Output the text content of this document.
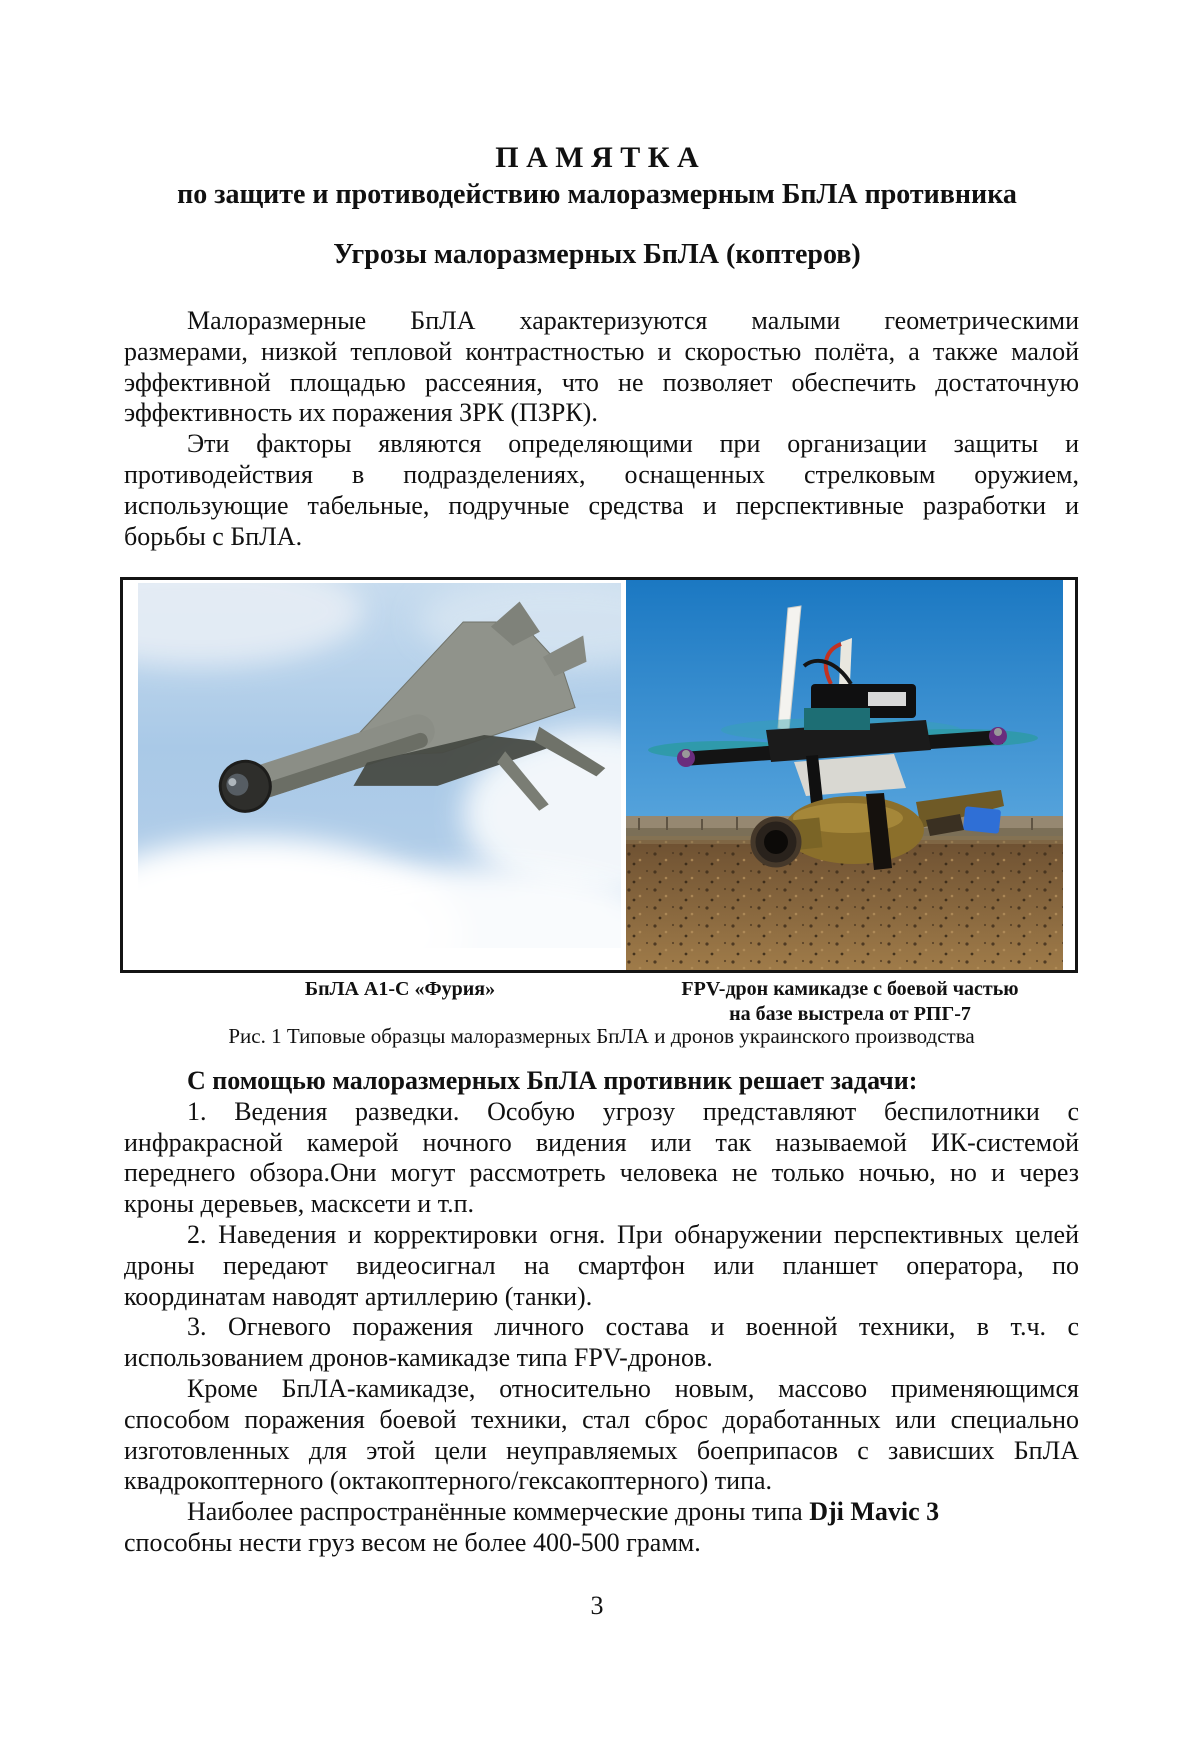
П А М Я Т К А
по защите и противодействию малоразмерным БпЛА противника
Угрозы малоразмерных БпЛА (коптеров)
Малоразмерные БпЛА характеризуются малыми геометрическими
размерами, низкой тепловой контрастностью и скоростью полёта, а также малой
эффективной площадью рассеяния, что не позволяет обеспечить достаточную
эффективность их поражения ЗРК (ПЗРК).
Эти факторы являются определяющими при организации защиты и
противодействия в подразделениях, оснащенных стрелковым оружием,
использующие табельные, подручные средства и перспективные разработки и
борьбы с БпЛА.
БпЛА А1-С «Фурия»	FPV-дрон камикадзе с боевой частью
на базе выстрела от РПГ-7
Рис. 1 Типовые образцы малоразмерных БпЛА и дронов украинского производства
С помощью малоразмерных БпЛА противник решает задачи:
1. Ведения разведки. Особую угрозу представляют беспилотники с
инфракрасной камерой ночного видения или так называемой ИК-системой
переднего обзора.Они могут рассмотреть человека не только ночью, но и через
кроны деревьев, масксети и т.п.
2. Наведения и корректировки огня. При обнаружении перспективных целей
дроны передают видеосигнал на смартфон или планшет оператора, по
координатам наводят артиллерию (танки).
3. Огневого поражения личного состава и военной техники, в т.ч. с
использованием дронов-камикадзе типа FPV-дронов.
Кроме БпЛА-камикадзе, относительно новым, массово применяющимся
способом поражения боевой техники, стал сброс доработанных или специально
изготовленных для этой цели неуправляемых боеприпасов с зависших БпЛА
квадрокоптерного (октакоптерного/гексакоптерного) типа.
Наиболее распространённые коммерческие дроны типа Dji Mavic 3
способны нести груз весом не более 400-500 грамм.
3
